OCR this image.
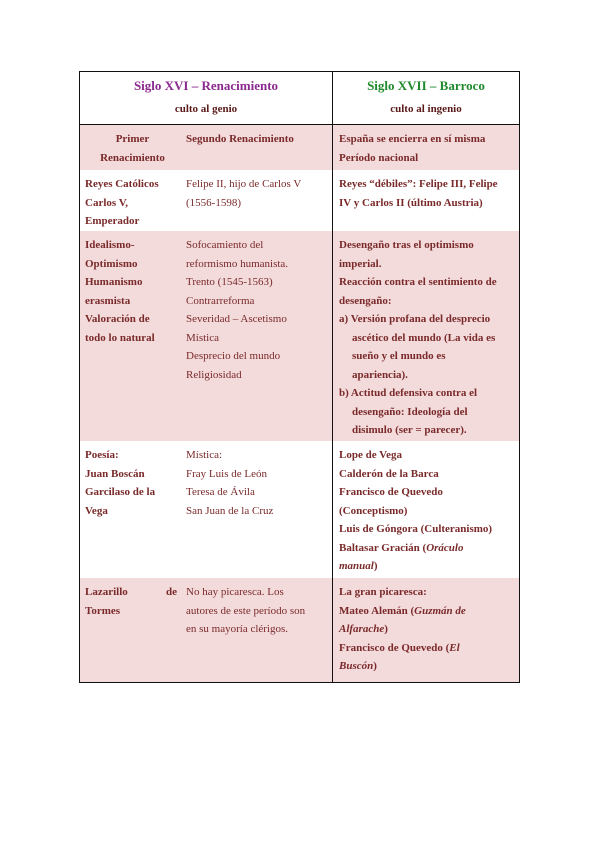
Siglo XVI – Renacimiento
culto al genio
Siglo XVII – Barroco
culto al ingenio
Primer
Renacimiento
Segundo Renacimiento	España se encierra en sí misma
Período nacional
Reyes Católicos
Carlos V,
Emperador
Felipe II, hijo de Carlos V
(1556-1598)
Reyes “débiles”: Felipe III, Felipe
IV y Carlos II (último Austria)
Idealismo-
Optimismo
Humanismo
erasmista
Valoración de
todo lo natural
Sofocamiento del
reformismo humanista.
Trento (1545-1563)
Contrarreforma
Severidad – Ascetismo
Mística
Desprecio del mundo
Religiosidad
Desengaño tras el optimismo
imperial.
Reacción contra el sentimiento de
desengaño:
a) Versión profana del desprecio
ascético del mundo (La vida es
sueño y el mundo es
apariencia).
b) Actitud defensiva contra el
desengaño: Ideología del
disimulo (ser = parecer).
Poesía:
Juan Boscán
Garcilaso de la
Vega
Mística:
Fray Luis de León
Teresa de Ávila
San Juan de la Cruz
Lope de Vega
Calderón de la Barca
Francisco de Quevedo
(Conceptismo)
Luis de Góngora (Culteranismo)
Baltasar Gracián (Oráculo
manual)
Lazarillo	de
Tormes
No hay picaresca. Los
autores de este período son
en su mayoría clérigos.
La gran picaresca:
Mateo Alemán (Guzmán de
Alfarache)
Francisco de Quevedo (El
Buscón)
